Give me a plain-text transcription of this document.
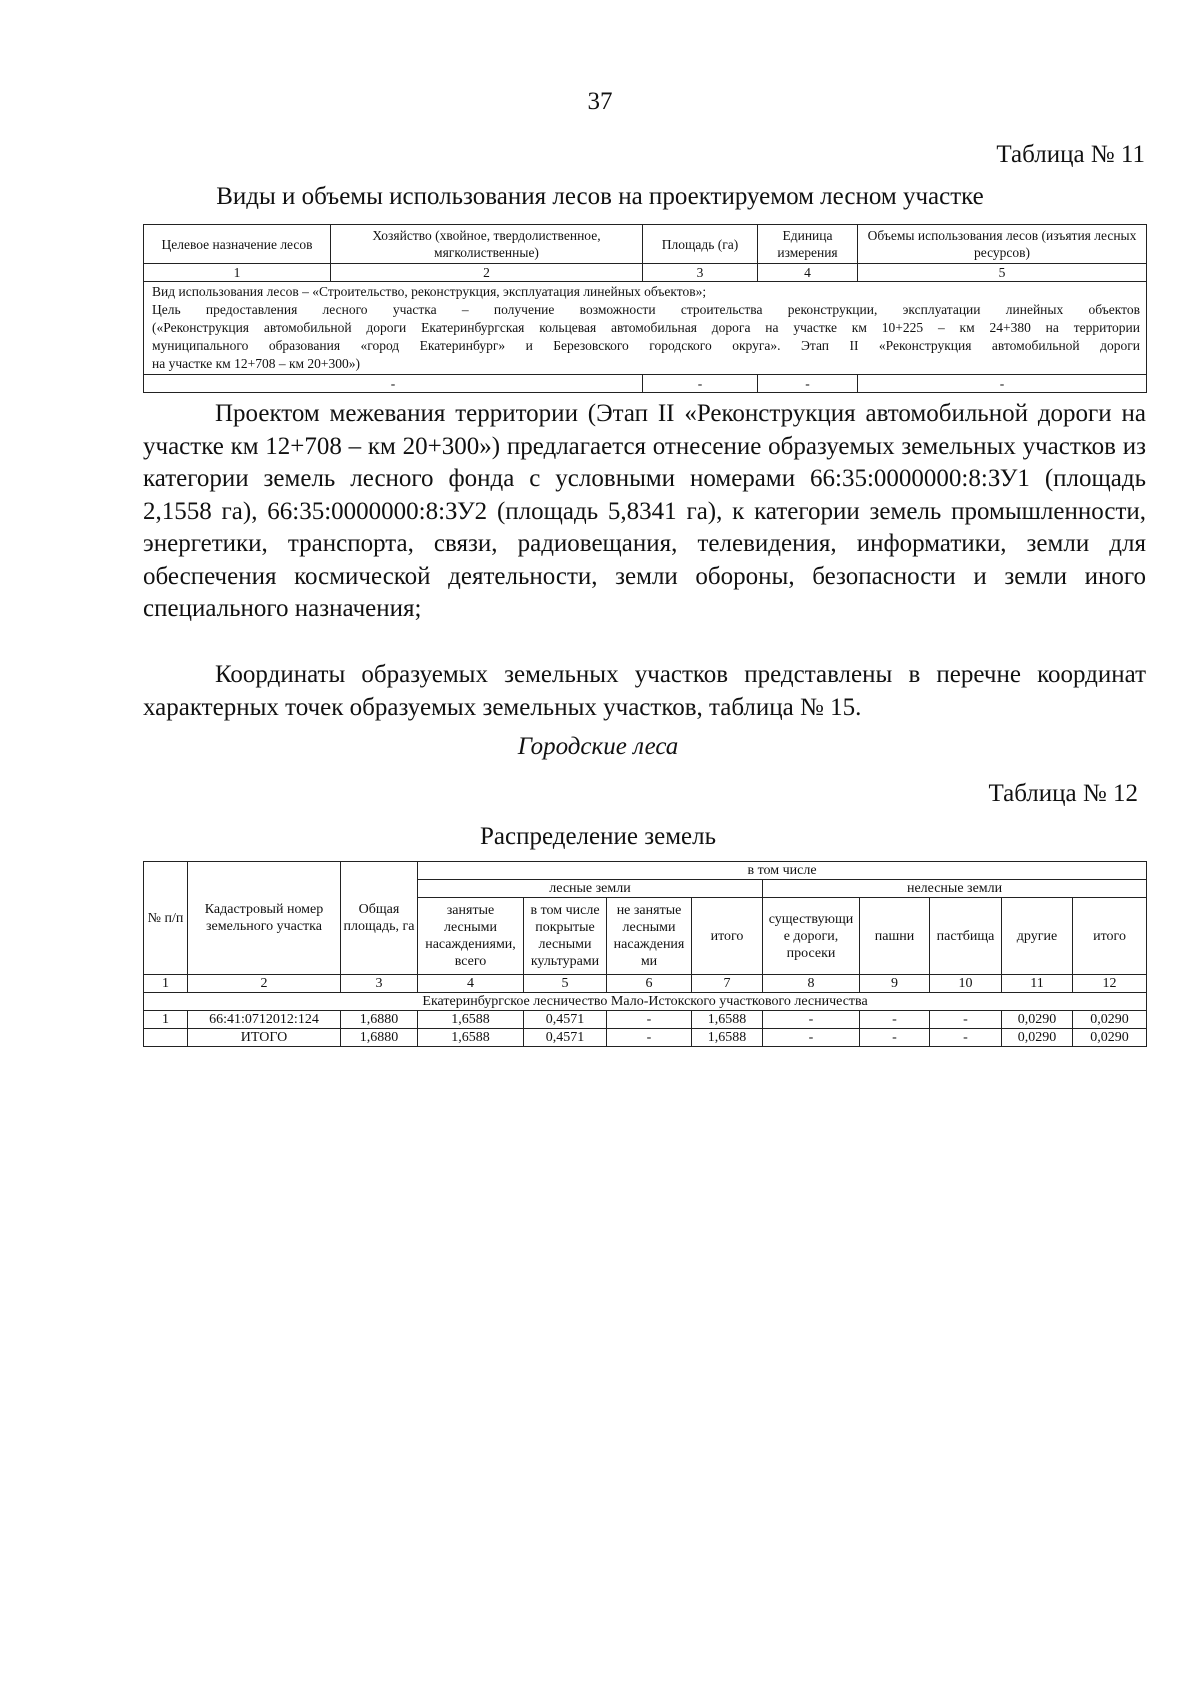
37
Таблица № 11
Виды и объемы использования лесов на проектируемом лесном участке
Целевое назначение лесов	Хозяйство (хвойное, твердолиственное, мягколиственные)	Площадь (га)	Единица измерения	Объемы использования лесов (изъятия лесных ресурсов)
1	2	3	4	5

Вид использования лесов – «Строительство, реконструкция, эксплуатация линейных объектов»;
Цель предоставления лесного участка – получение возможности строительства реконструкции, эксплуатации линейных объектов
(«Реконструкция автомобильной дороги Екатеринбургская кольцевая автомобильная дорога на участке км 10+225 – км 24+380 на территории
муниципального образования «город Екатеринбург» и Березовского городского округа». Этап II «Реконструкция автомобильной дороги
на участке км 12+708 – км 20+300»)				

-		-	-	-

Проектом межевания территории (Этап II «Реконструкция автомобильной дороги на участке км 12+708 – км 20+300») предлагается отнесение образуемых земельных участков из категории земель лесного фонда с условными номерами 66:35:0000000:8:ЗУ1 (площадь 2,1558 га), 66:35:0000000:8:ЗУ2 (площадь 5,8341 га), к категории земель промышленности, энергетики, транспорта, связи, радиовещания, телевидения, информатики, земли для обеспечения космической деятельности, земли обороны, безопасности и земли иного специального назначения;

Координаты образуемых земельных участков представлены в перечне координат характерных точек образуемых земельных участков, таблица № 15.

Городские леса
Таблица № 12
Распределение земель
№ п/п	Кадастровый номер земельного участка	Общая площадь, га	в том числе								
			лесные земли				нелесные земли				
			занятые лесными насаждениями, всего	в том числе покрытые лесными культурами	не занятые лесными насаждения ми	итого	существующи е дороги, просеки	пашни	пастбища	другие	итого
1	2	3	4	5	6	7	8	9	10	11	12
Екатеринбургское лесничество Мало-Истокского участкового лесничества											
1	66:41:0712012:124	1,6880	1,6588	0,4571	-	1,6588	-	-	-	0,0290	0,0290
	ИТОГО	1,6880	1,6588	0,4571	-	1,6588	-	-	-	0,0290	0,0290
